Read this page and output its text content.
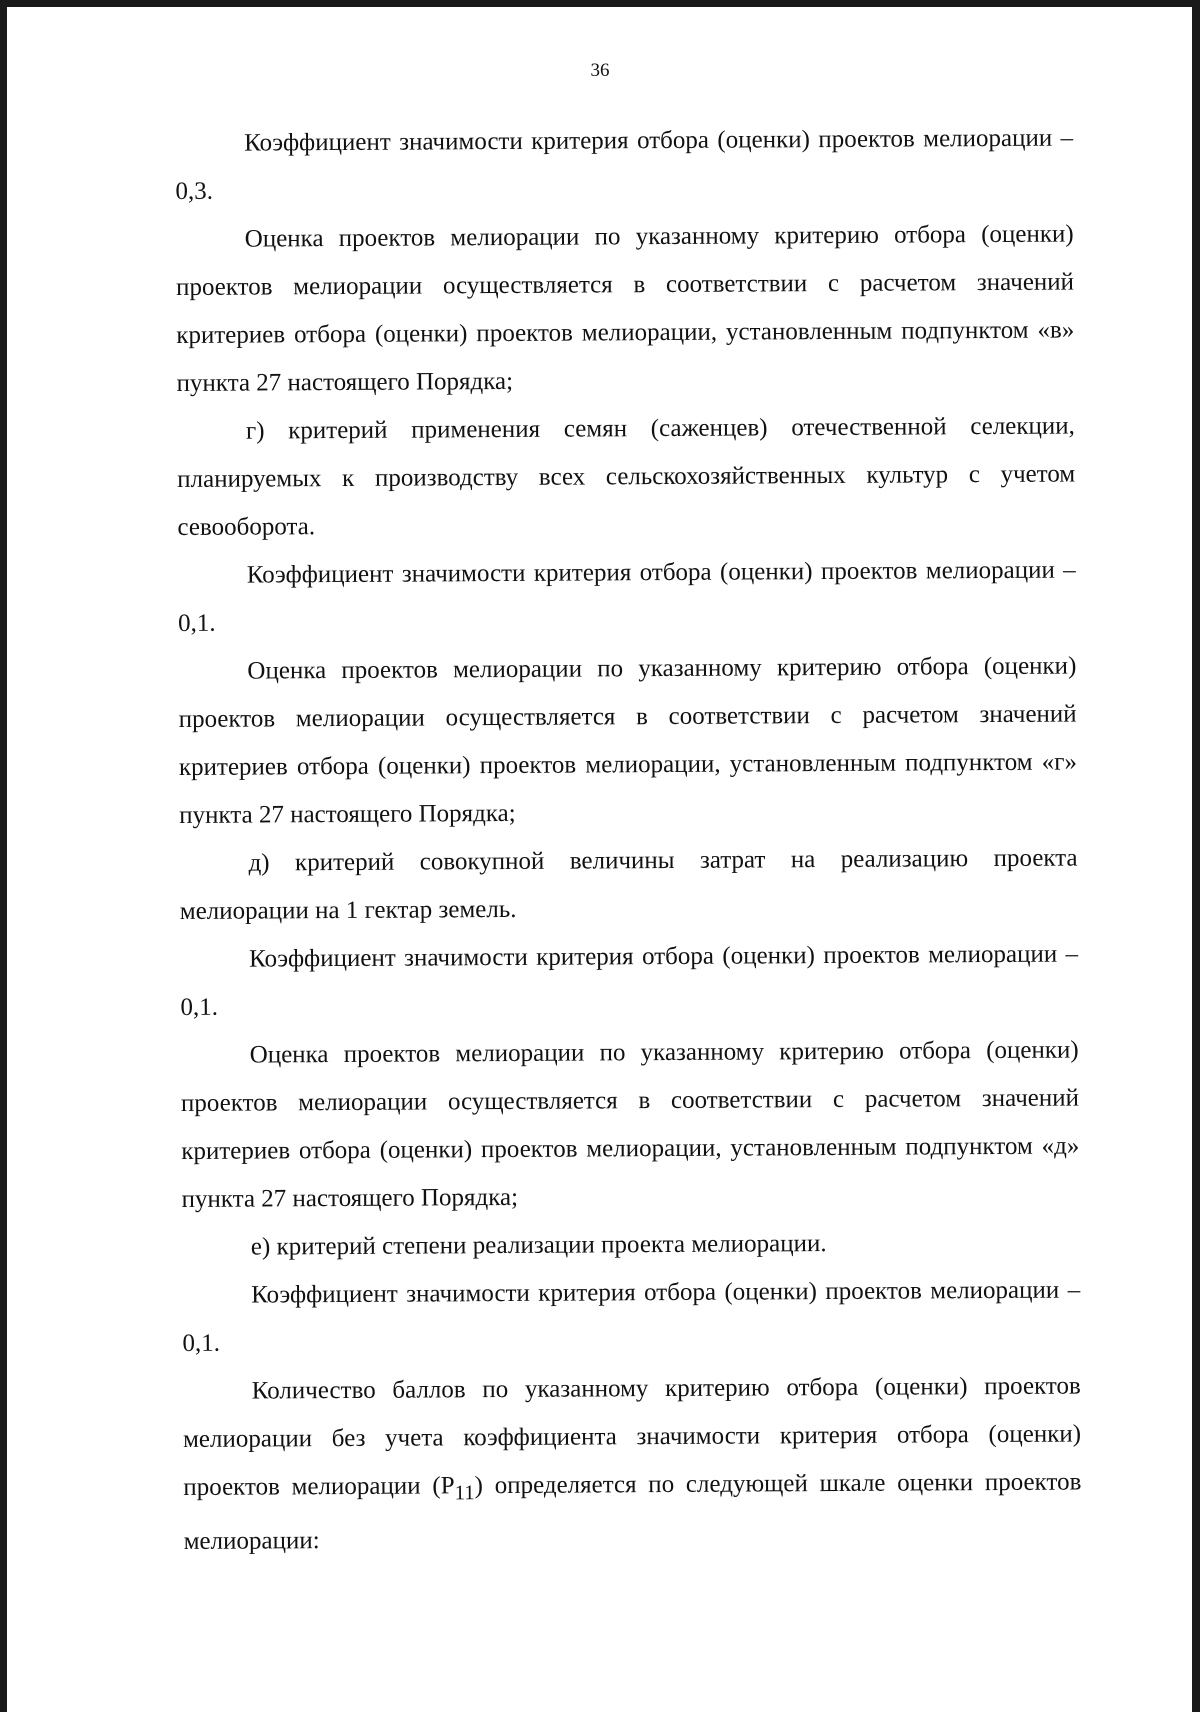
36

Коэффициент значимости критерия отбора (оценки) проектов мелиорации – 0,3.

Оценка проектов мелиорации по указанному критерию отбора (оценки) проектов мелиорации осуществляется в соответствии с расчетом значений критериев отбора (оценки) проектов мелиорации, установленным подпунктом «в» пункта 27 настоящего Порядка;

г) критерий применения семян (саженцев) отечественной селекции, планируемых к производству всех сельскохозяйственных культур с учетом севооборота.

Коэффициент значимости критерия отбора (оценки) проектов мелиорации – 0,1.

Оценка проектов мелиорации по указанному критерию отбора (оценки) проектов мелиорации осуществляется в соответствии с расчетом значений критериев отбора (оценки) проектов мелиорации, установленным подпунктом «г» пункта 27 настоящего Порядка;

д) критерий совокупной величины затрат на реализацию проекта мелиорации на 1 гектар земель.

Коэффициент значимости критерия отбора (оценки) проектов мелиорации – 0,1.

Оценка проектов мелиорации по указанному критерию отбора (оценки) проектов мелиорации осуществляется в соответствии с расчетом значений критериев отбора (оценки) проектов мелиорации, установленным подпунктом «д» пункта 27 настоящего Порядка;

е) критерий степени реализации проекта мелиорации.

Коэффициент значимости критерия отбора (оценки) проектов мелиорации – 0,1.

Количество баллов по указанному критерию отбора (оценки) проектов мелиорации без учета коэффициента значимости критерия отбора (оценки) проектов мелиорации $(P_{11})$ определяется по следующей шкале оценки проектов мелиорации:
